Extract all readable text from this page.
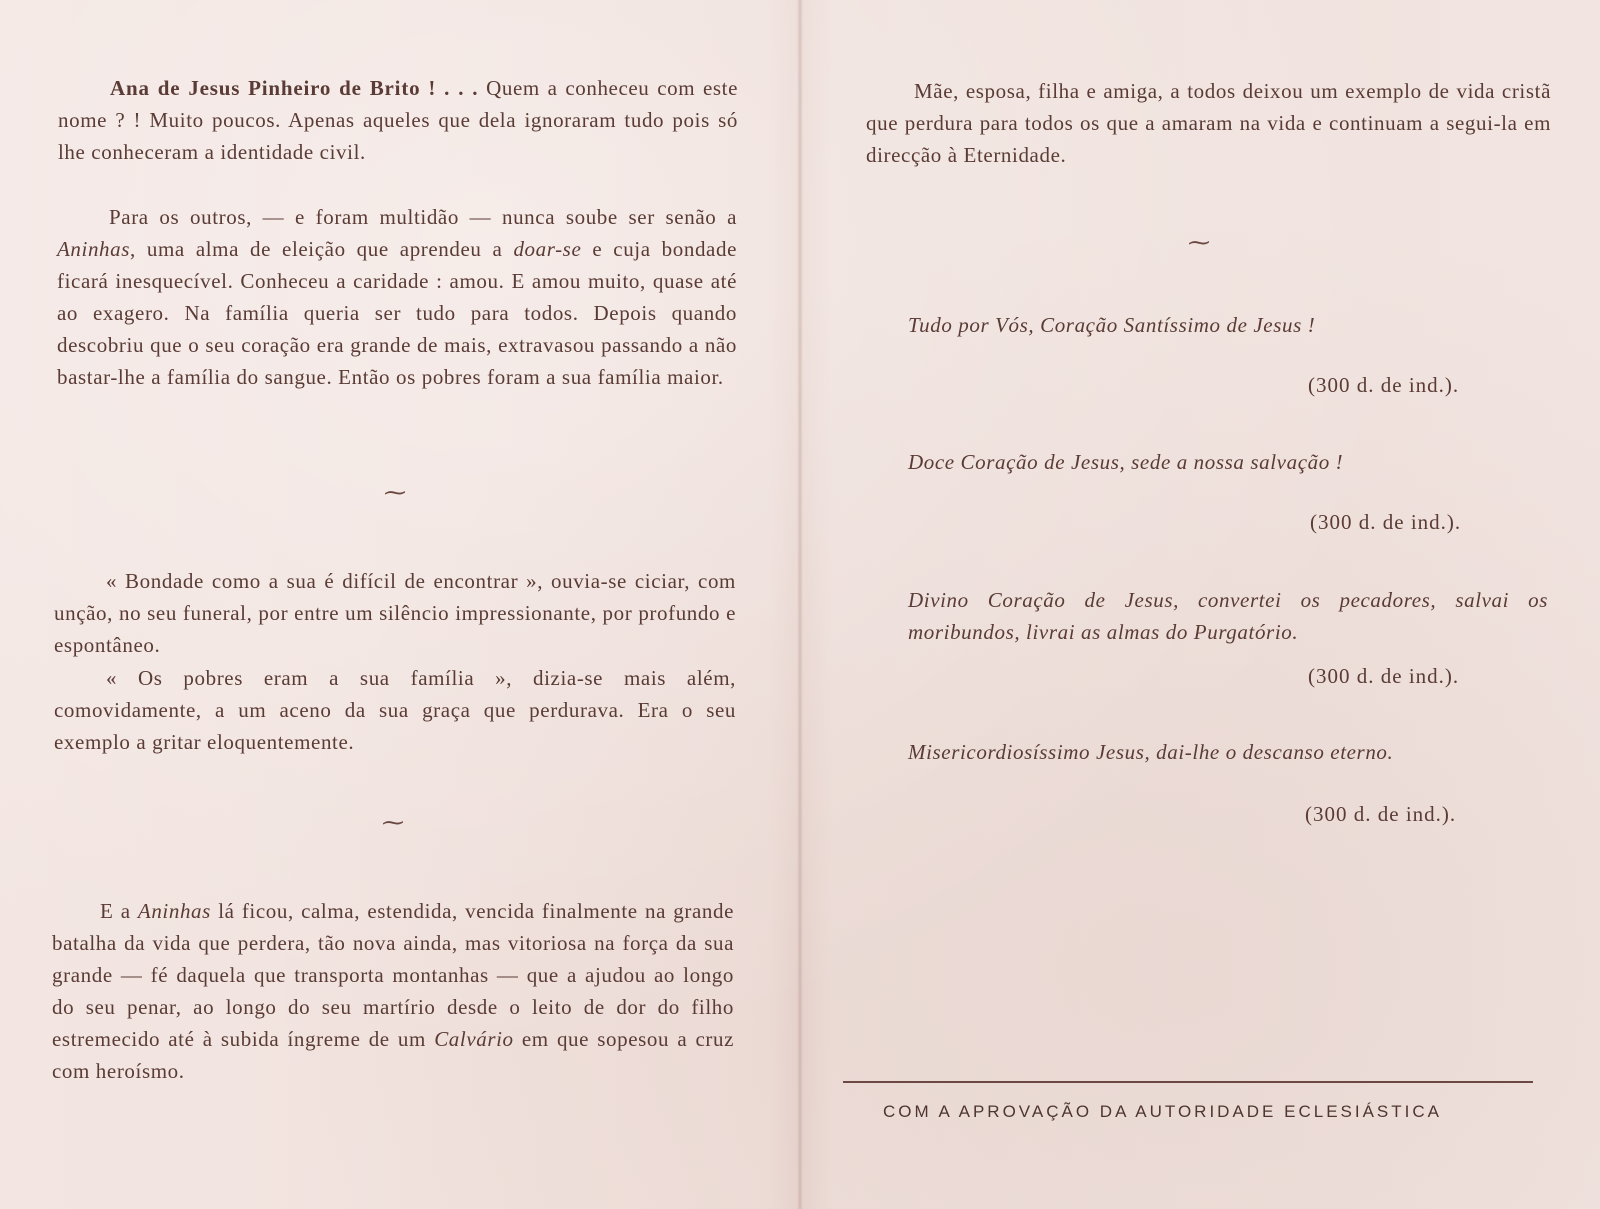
Ana de Jesus Pinheiro de Brito ! . . . Quem a conheceu com este nome ? ! Muito poucos. Apenas aqueles que dela ignoraram tudo pois só lhe conheceram a identidade civil.

Para os outros, — e foram multidão — nunca soube ser senão a Aninhas, uma alma de eleição que aprendeu a doar-se e cuja bondade ficará inesquecível. Conheceu a caridade : amou. E amou muito, quase até ao exagero. Na família queria ser tudo para todos. Depois quando descobriu que o seu coração era grande de mais, extravasou passando a não bastar-lhe a família do sangue. Então os pobres foram a sua família maior.

⁓

« Bondade como a sua é difícil de encontrar », ouvia-se ciciar, com unção, no seu funeral, por entre um silêncio impressionante, por profundo e espontâneo.

« Os pobres eram a sua família », dizia-se mais além, comovidamente, a um aceno da sua graça que perdurava. Era o seu exemplo a gritar eloquentemente.

⁓

E a Aninhas lá ficou, calma, estendida, vencida finalmente na grande batalha da vida que perdera, tão nova ainda, mas vitoriosa na força da sua grande — fé daquela que transporta montanhas — que a ajudou ao longo do seu penar, ao longo do seu martírio desde o leito de dor do filho estremecido até à subida íngreme de um Calvário em que sopesou a cruz com heroísmo.

Mãe, esposa, filha e amiga, a todos deixou um exemplo de vida cristã que perdura para todos os que a amaram na vida e continuam a segui-la em direcção à Eternidade.

⁓

Tudo por Vós, Coração Santíssimo de Jesus !

(300 d. de ind.).

Doce Coração de Jesus, sede a nossa salvação !

(300 d. de ind.).

Divino Coração de Jesus, convertei os pecadores, salvai os moribundos, livrai as almas do Purgatório.

(300 d. de ind.).

Misericordiosíssimo Jesus, dai-lhe o descanso eterno.

(300 d. de ind.).
COM A APROVAÇÃO DA AUTORIDADE ECLESIÁSTICA
